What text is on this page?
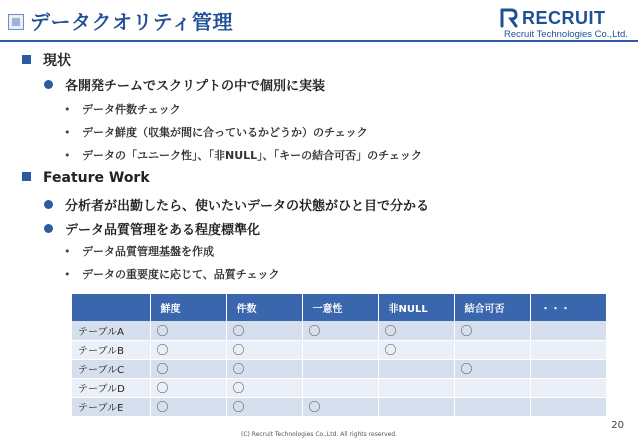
データクオリティ管理	RECRUIT
Recruit Technologies Co.,Ltd.
現状
各開発チームでスクリプトの中で個別に実装
• データ件数チェック
• データ鮮度（収集が間に合っているかどうか）のチェック
• データの「ユニーク性」、「非NULL」、「キーの結合可否」のチェック
Feature Work
分析者が出勤したら、使いたいデータの状態がひと目で分かる
データ品質管理をある程度標準化
• データ品質管理基盤を作成
• データの重要度に応じて、品質チェック
	鮮度	件数	一意性	非NULL	結合可否	・・・
テーブルA	〇	〇	〇	〇	〇	
テーブルB	〇	〇		〇		
テーブルC	〇	〇			〇	
テーブルD	〇	〇				
テーブルE	〇	〇	〇			
20
(C) Recruit Technologies Co.,Ltd. All rights reserved.
